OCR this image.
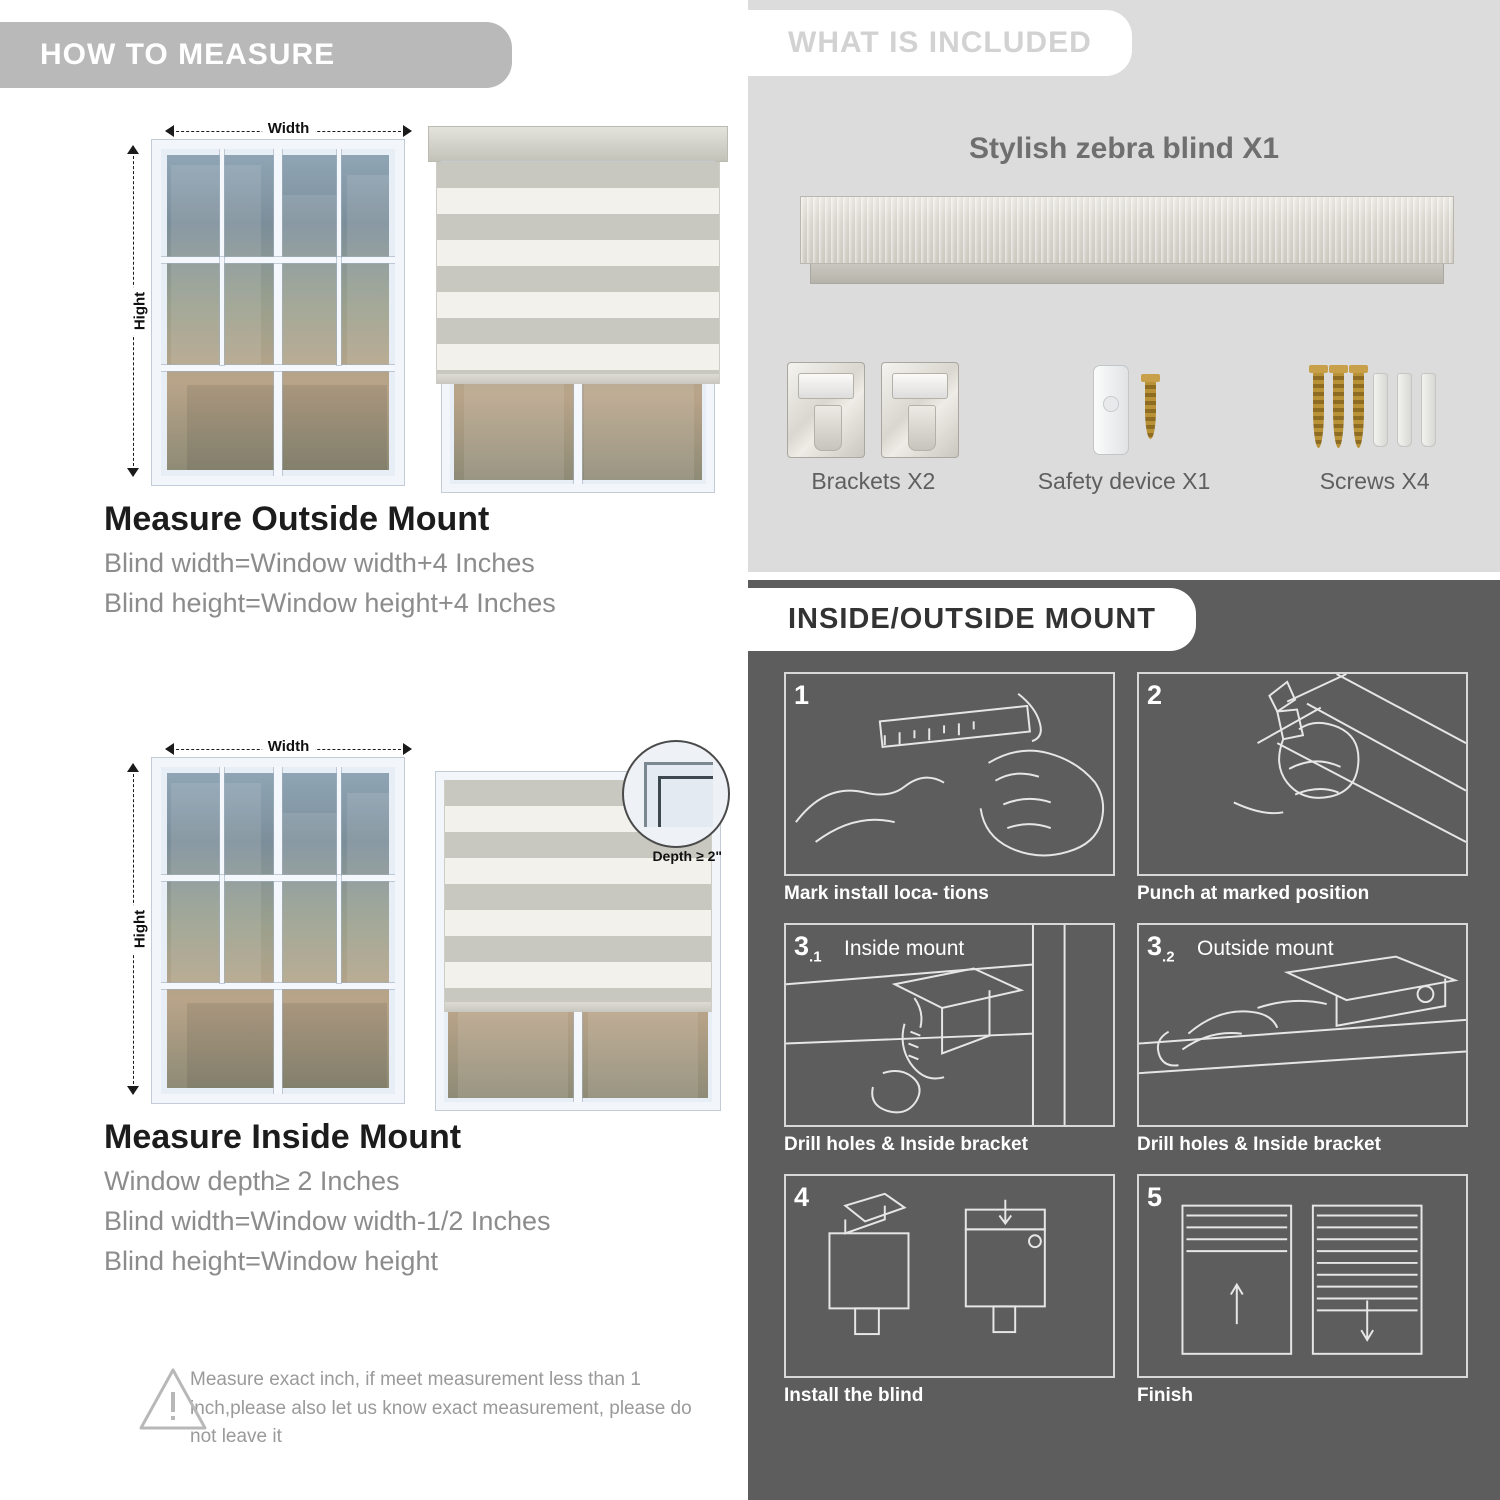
HOW TO MEASURE
Width
Hight
Measure Outside Mount
Blind width=Window width+4 Inches
Blind height=Window height+4 Inches
Width
Hight
Depth ≥ 2"
Measure Inside Mount
Window depth≥ 2 Inches
Blind width=Window width-1/2 Inches
Blind height=Window height
Measure exact inch, if meet measurement less than 1 inch,please also let us know exact measurement, please do not leave it
Stylish zebra blind X1
Brackets X2	Safety device X1	Screws X4
WHAT IS INCLUDED
1
Mark install loca- tions
2
Punch at marked position
$3_{.1}$ Inside mount
Drill holes & Inside bracket
$3_{.2}$ Outside mount
Drill holes & Inside bracket
4
Install the blind
5
Finish
INSIDE/OUTSIDE MOUNT
